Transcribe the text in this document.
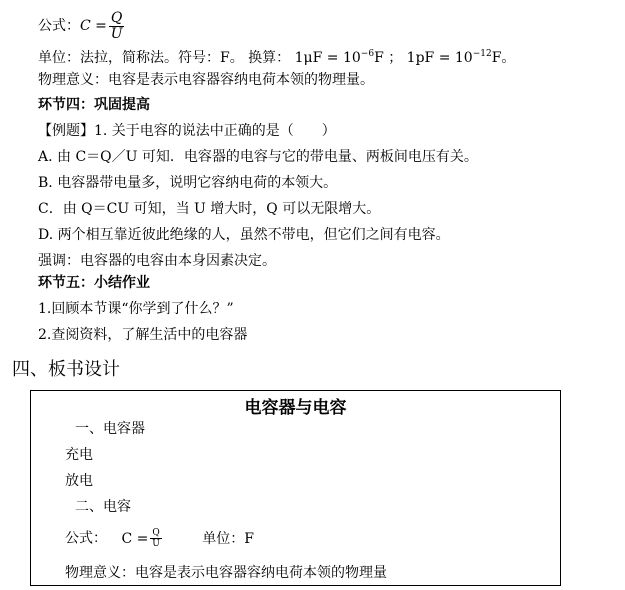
公式：$C = \frac{Q}{U}$
单位：法拉，简称法。符号：F。 换算： $1\mu F = 10^{-6}F$ ； $1pF = 10^{-12}F$。
物理意义：电容是表示电容器容纳电荷本领的物理量。
环节四：巩固提高
【例题】1. 关于电容的说法中正确的是（　　）
A. 由 C＝Q／U 可知．电容器的电容与它的带电量、两板间电压有关。
B. 电容器带电量多，说明它容纳电荷的本领大。
C．由 Q＝CU 可知，当 U 增大时，Q 可以无限增大。
D. 两个相互靠近彼此绝缘的人，虽然不带电，但它们之间有电容。
强调：电容器的电容由本身因素决定。
环节五：小结作业
1.回顾本节课“你学到了什么？”
2.查阅资料，了解生活中的电容器
四、板书设计
电容器与电容
一、电容器
充电
放电
二、电容
公式： $C = \frac{Q}{U}$	单位：F
物理意义：电容是表示电容器容纳电荷本领的物理量
